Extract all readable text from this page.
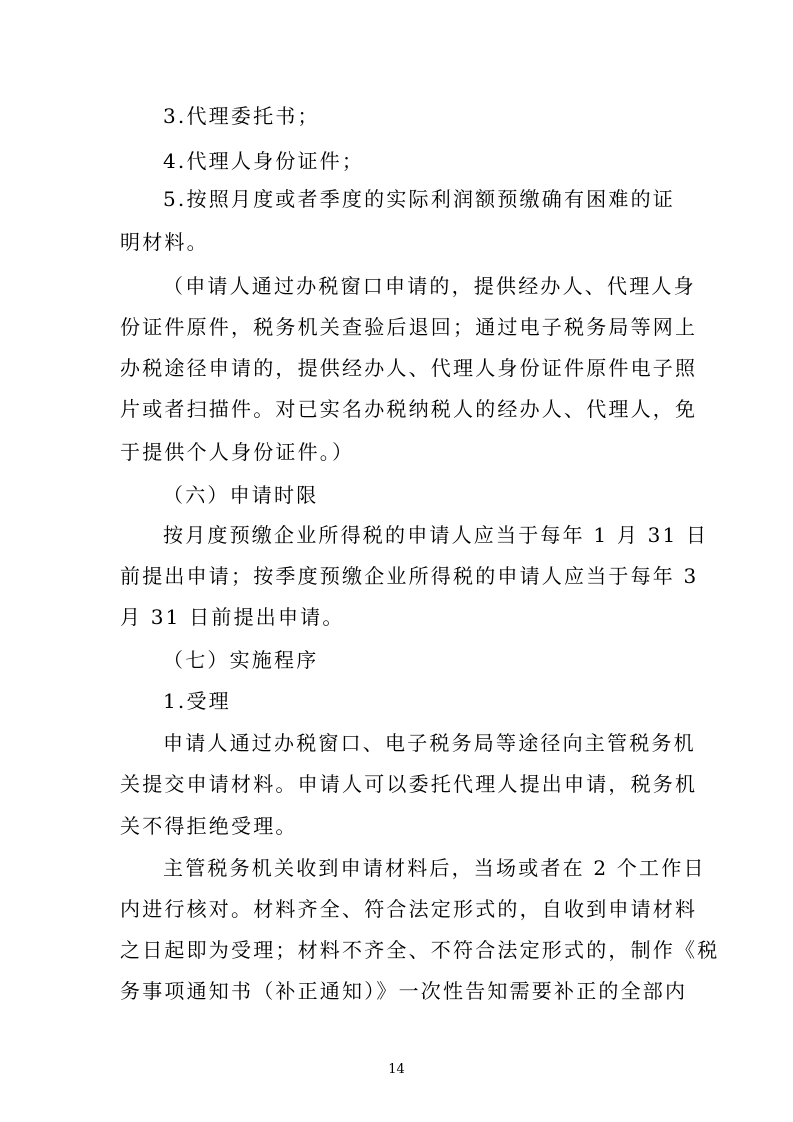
3.代理委托书；
4.代理人身份证件；
5.按照月度或者季度的实际利润额预缴确有困难的证
明材料。
（申请人通过办税窗口申请的，提供经办人、代理人身
份证件原件，税务机关查验后退回；通过电子税务局等网上
办税途径申请的，提供经办人、代理人身份证件原件电子照
片或者扫描件。对已实名办税纳税人的经办人、代理人，免
于提供个人身份证件。）
（六）申请时限
按月度预缴企业所得税的申请人应当于每年 1 月 31 日
前提出申请；按季度预缴企业所得税的申请人应当于每年 3
月 31 日前提出申请。
（七）实施程序
1.受理
申请人通过办税窗口、电子税务局等途径向主管税务机
关提交申请材料。申请人可以委托代理人提出申请，税务机
关不得拒绝受理。
主管税务机关收到申请材料后，当场或者在 2 个工作日
内进行核对。材料齐全、符合法定形式的，自收到申请材料
之日起即为受理；材料不齐全、不符合法定形式的，制作《税
务事项通知书（补正通知）》一次性告知需要补正的全部内
14
